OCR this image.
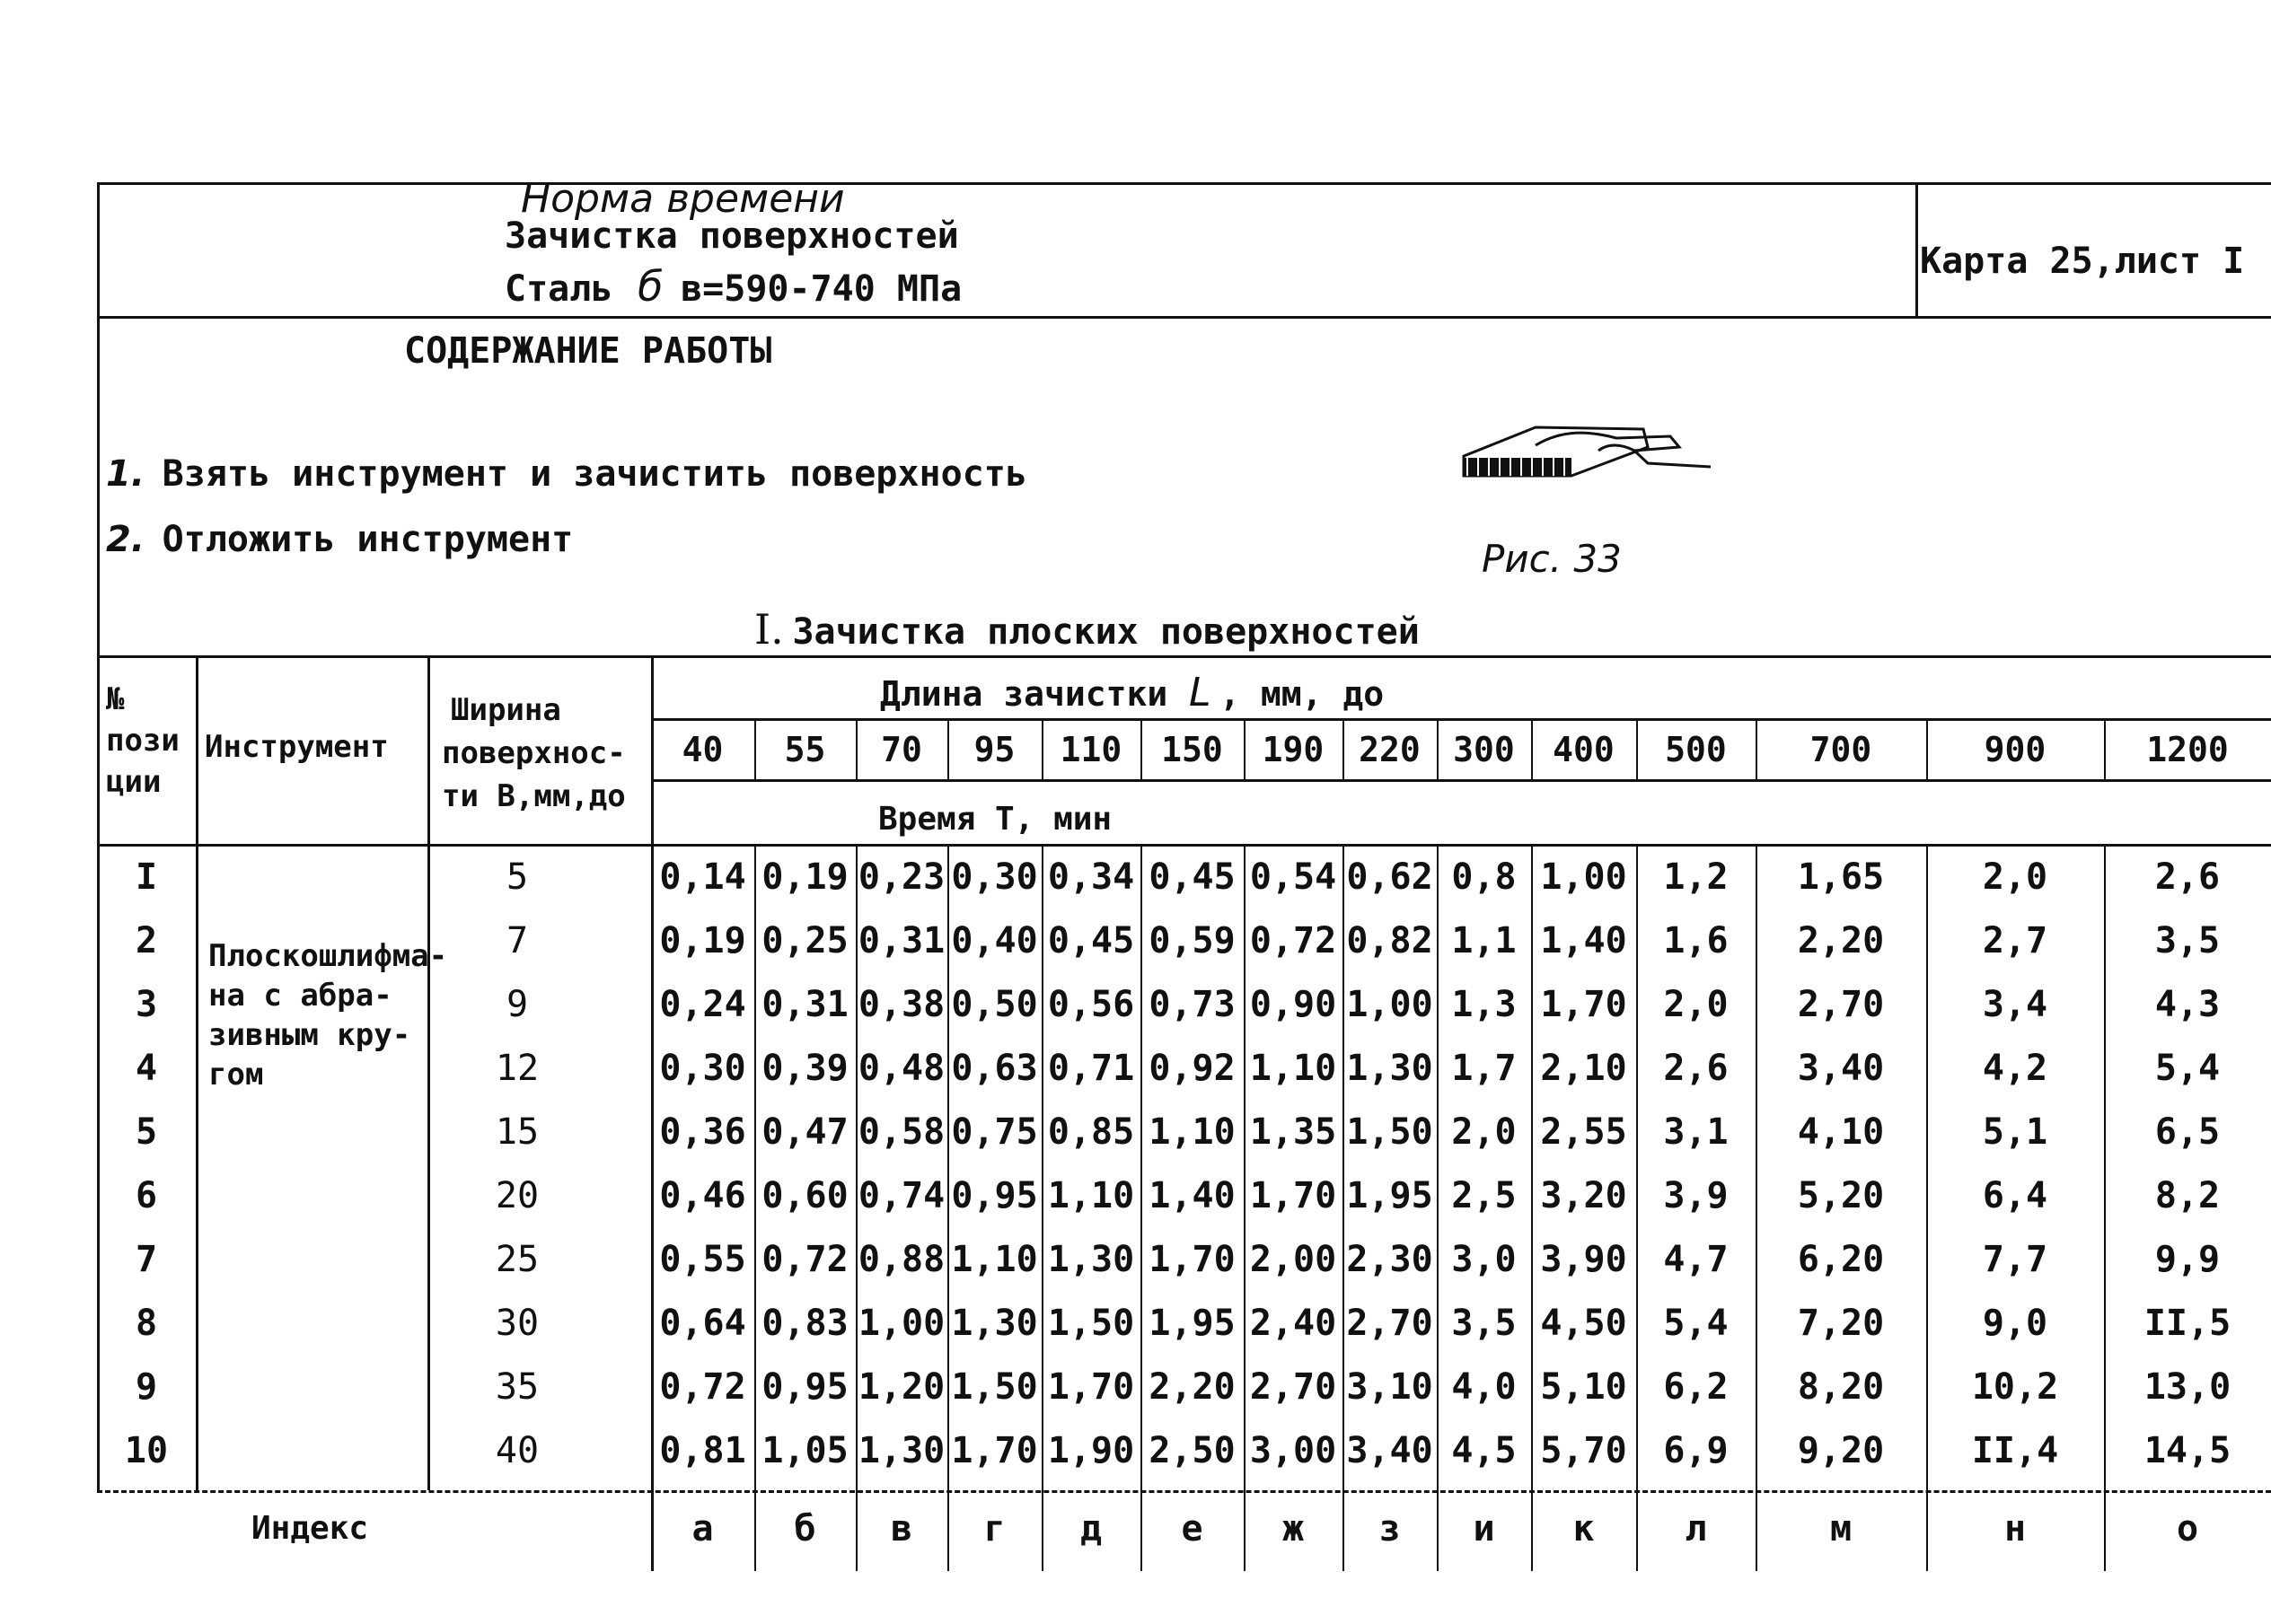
Норма времени
Зачистка поверхностей
Сталь б в=590-740 МПа
Карта 25,лист I
СОДЕРЖАНИЕ РАБОТЫ
1. Взять инструмент и зачистить поверхность
2. Отложить инструмент	Рис. 33
I. Зачистка плоских поверхностей
№
пози
ции
Инструмент
Ширина
поверхнос-
ти В,мм,до
Длина зачистки L , мм, до
Время Т, мин
40	55	70	95	110	150	190	220 300	400	500	700	900	1200
Плоскошлифма-
на с абра-
зивным кру-
гом
I	5	0,14 0,19 0,23 0,30 0,34 0,45 0,54 0,62 0,8 1,00	1,2	1,65	2,0	2,6
2	7	0,19 0,25 0,31 0,40 0,45 0,59 0,72 0,82 1,1 1,40	1,6	2,20	2,7	3,5
3	9	0,24 0,31 0,38 0,50 0,56 0,73 0,90 1,00 1,3 1,70	2,0	2,70	3,4	4,3
4	12	0,30 0,39 0,48 0,63 0,71 0,92 1,10 1,30 1,7 2,10	2,6	3,40	4,2	5,4
5	15	0,36 0,47 0,58 0,75 0,85 1,10 1,35 1,50 2,0 2,55	3,1	4,10	5,1	6,5
6	20	0,46 0,60 0,74 0,95 1,10 1,40 1,70 1,95 2,5 3,20	3,9	5,20	6,4	8,2
7	25	0,55 0,72 0,88 1,10 1,30 1,70 2,00 2,30 3,0 3,90	4,7	6,20	7,7	9,9
8	30	0,64 0,83 1,00 1,30 1,50 1,95 2,40 2,70 3,5 4,50	5,4	7,20	9,0	II,5
9	35	0,72 0,95 1,20 1,50 1,70 2,20 2,70 3,10 4,0 5,10	6,2	8,20	10,2	13,0
10	40	0,81 1,05 1,30 1,70 1,90 2,50 3,00 3,40 4,5 5,70	6,9	9,20	II,4	14,5
Индекс	а	б	в	г	д	е	ж	з	и	к	л	м	н	о
